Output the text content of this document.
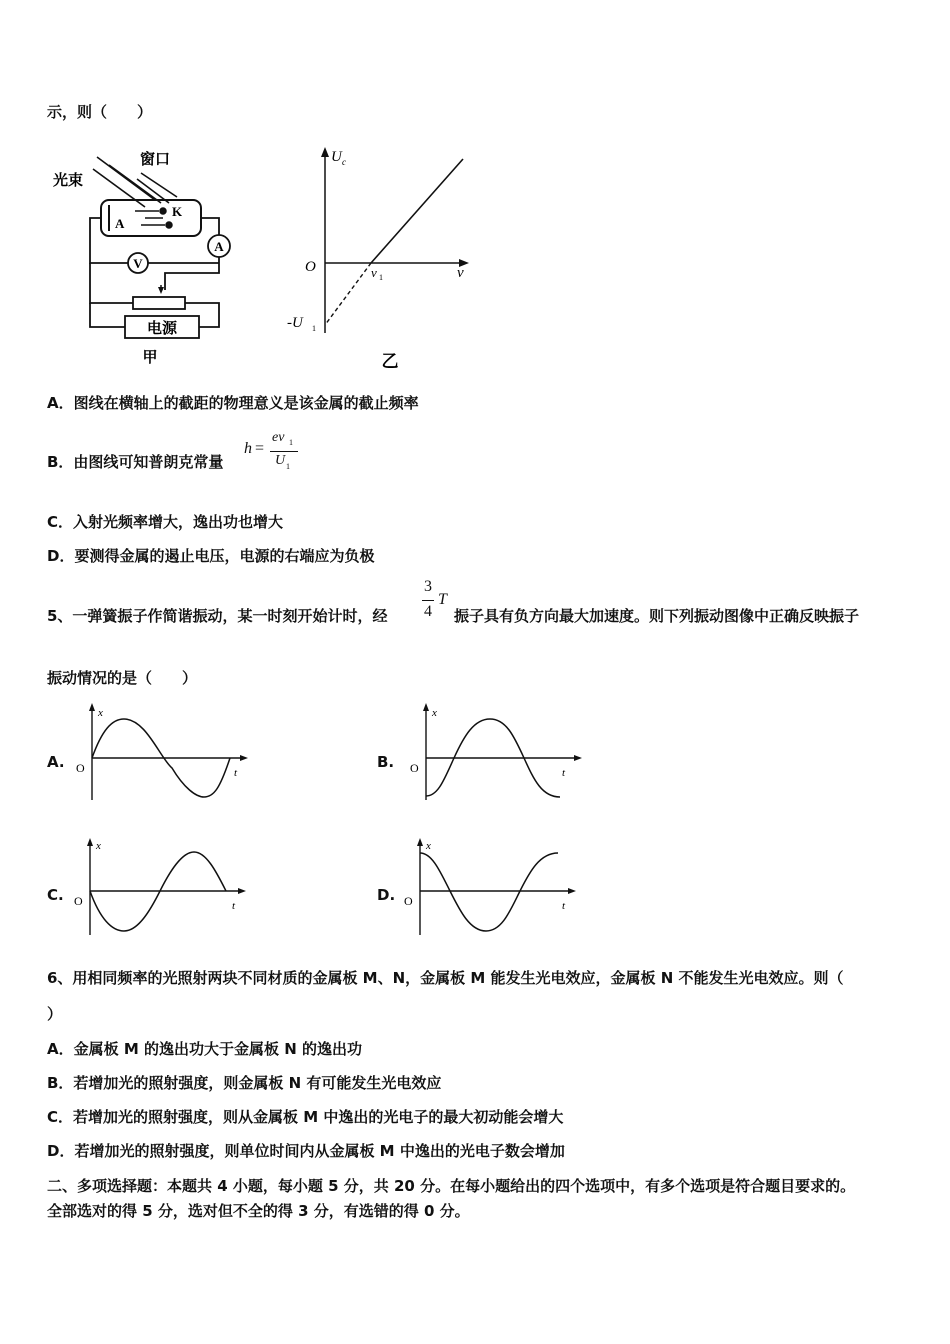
示，则（　　）
窗口
光束
A
K
A
V
电源
甲
U c
ν
O	ν 1
-U 1
乙
A．图线在横轴上的截距的物理意义是该金属的截止频率
B．由图线可知普朗克常量
h =
eν 1
U 1
C．入射光频率增大，逸出功也增大
D．要测得金属的遏止电压，电源的右端应为负极
5、一弹簧振子作简谐振动，某一时刻开始计时，经
3
4
T
振子具有负方向最大加速度。则下列振动图像中正确反映振子
振动情况的是（　　）
A.
x
t
O	B.
x
t
O
C.
x
t
O	D.
x
t
O
6、用相同频率的光照射两块不同材质的金属板 M、N，金属板 M 能发生光电效应，金属板 N 不能发生光电效应。则（
）
A．金属板 M 的逸出功大于金属板 N 的逸出功
B．若增加光的照射强度，则金属板 N 有可能发生光电效应
C．若增加光的照射强度，则从金属板 M 中逸出的光电子的最大初动能会增大
D．若增加光的照射强度，则单位时间内从金属板 M 中逸出的光电子数会增加
二、多项选择题：本题共 4 小题，每小题 5 分，共 20 分。在每小题给出的四个选项中，有多个选项是符合题目要求的。
全部选对的得 5 分，选对但不全的得 3 分，有选错的得 0 分。
